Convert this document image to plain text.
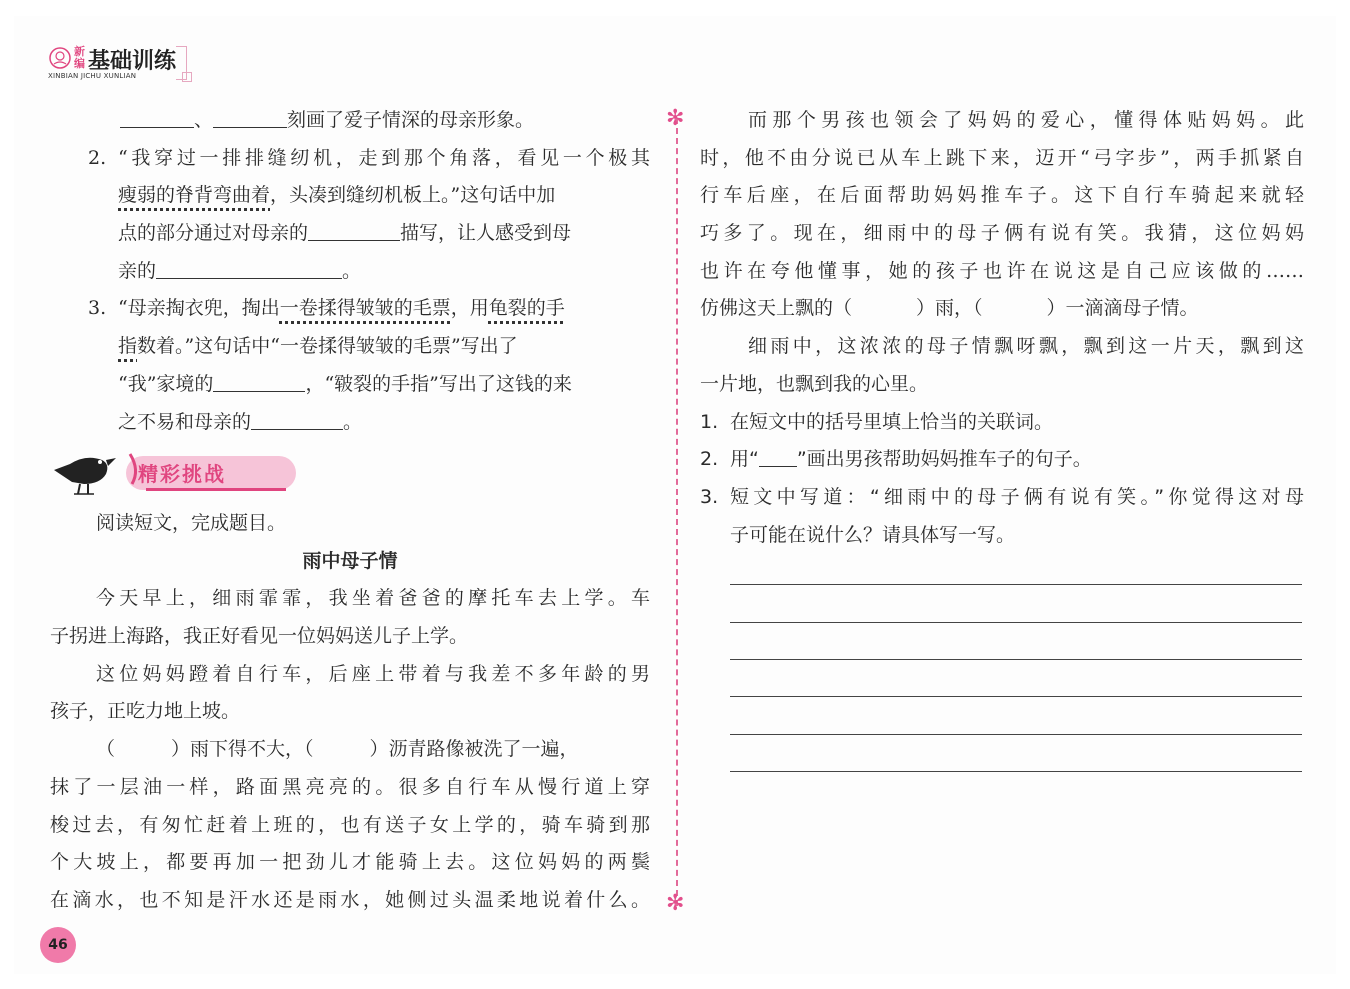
新编 基础训练
XINBIAN JICHU XUNLIAN
、	刻画了爱子情深的母亲形象。
2. “我穿过一排排缝纫机，走到那个角落，看见一个极其
瘦弱的脊背弯曲着，头凑到缝纫机板上。”这句话中加
点的部分通过对母亲的	描写，让人感受到母
亲的	。
3. “母亲掏衣兜，掏出一卷揉得皱皱的毛票，用龟裂的手
指数着。”这句话中“一卷揉得皱皱的毛票”写出了
“我”家境的	，“皲裂的手指”写出了这钱的来
之不易和母亲的	。
精彩挑战
阅读短文，完成题目。
雨中母子情
今天早上，细雨霏霏，我坐着爸爸的摩托车去上学。车
子拐进上海路，我正好看见一位妈妈送儿子上学。
这位妈妈蹬着自行车，后座上带着与我差不多年龄的男
孩子，正吃力地上坡。
（	）雨下得不大，（	）沥青路像被洗了一遍，
抹了一层油一样，路面黑亮亮的。很多自行车从慢行道上穿
梭过去，有匆忙赶着上班的，也有送子女上学的，骑车骑到那
个大坡上，都要再加一把劲儿才能骑上去。这位妈妈的两鬓
在滴水，也不知是汗水还是雨水，她侧过头温柔地说着什么。
✻
✻
而那个男孩也领会了妈妈的爱心，懂得体贴妈妈。此
时，他不由分说已从车上跳下来，迈开“弓字步”，两手抓紧自
行车后座，在后面帮助妈妈推车子。这下自行车骑起来就轻
巧多了。现在，细雨中的母子俩有说有笑。我猜，这位妈妈
也许在夸他懂事，她的孩子也许在说这是自己应该做的……
仿佛这天上飘的（	）雨，（	）一滴滴母子情。
细雨中，这浓浓的母子情飘呀飘，飘到这一片天，飘到这
一片地，也飘到我的心里。
1. 在短文中的括号里填上恰当的关联词。
2. 用“ ”画出男孩帮助妈妈推车子的句子。
3. 短文中写道：“细雨中的母子俩有说有笑。”你觉得这对母
子可能在说什么？请具体写一写。
46
